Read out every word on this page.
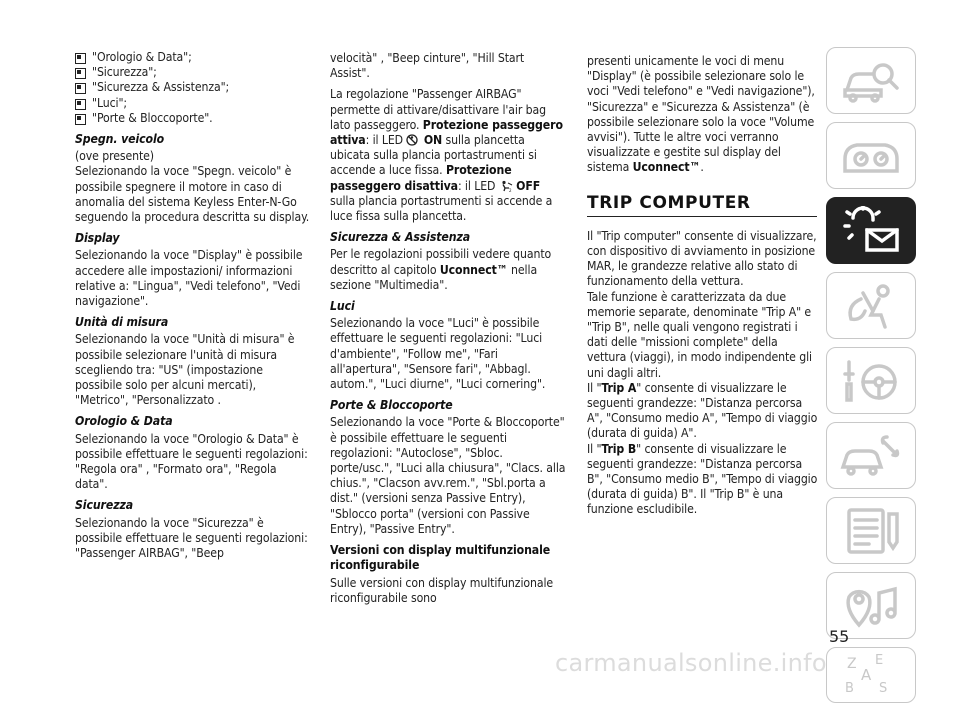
"Orologio & Data";
"Sicurezza";
"Sicurezza & Assistenza";
"Luci";
"Porte & Bloccoporte".
Spegn. veicolo

(ove presente)

Selezionando la voce "Spegn. veicolo" è possibile spegnere il motore in caso di anomalia del sistema Keyless Enter-N-Go seguendo la procedura descritta su display.

Display

Selezionando la voce "Display" è possibile accedere alle impostazioni/ informazioni relative a: "Lingua", "Vedi telefono", "Vedi navigazione".

Unità di misura

Selezionando la voce "Unità di misura" è possibile selezionare l'unità di misura scegliendo tra: "US" (impostazione possibile solo per alcuni mercati), "Metrico", "Personalizzato .

Orologio & Data

Selezionando la voce "Orologio & Data" è possibile effettuare le seguenti regolazioni: "Regola ora" , "Formato ora", "Regola data".

Sicurezza

Selezionando la voce "Sicurezza" è possibile effettuare le seguenti regolazioni: "Passenger AIRBAG", "Beep

velocità" , "Beep cinture", "Hill Start Assist".

La regolazione "Passenger AIRBAG" permette di attivare/disattivare l'air bag lato passeggero. Protezione passeggero attiva: il LED ON sulla plancetta ubicata sulla plancia portastrumenti si accende a luce fissa. Protezione passeggero disattiva: il LED	2 OFF sulla plancia portastrumenti si accende a luce fissa sulla plancetta.

Sicurezza & Assistenza

Per le regolazioni possibili vedere quanto descritto al capitolo Uconnect™ nella sezione "Multimedia".

Luci

Selezionando la voce "Luci" è possibile effettuare le seguenti regolazioni: "Luci d'ambiente", "Follow me", "Fari all'apertura", "Sensore fari", "Abbagl. autom.", "Luci diurne", "Luci cornering".

Porte & Bloccoporte

Selezionando la voce "Porte & Bloccoporte" è possibile effettuare le seguenti regolazioni: "Autoclose", "Sbloc. porte/usc.", "Luci alla chiusura", "Clacs. alla chius.", "Clacson avv.rem.", "Sbl.porta a dist." (versioni senza Passive Entry), "Sblocco porta" (versioni con Passive Entry), "Passive Entry".

Versioni con display multifunzionale riconfigurabile

Sulle versioni con display multifunzionale riconfigurabile sono

presenti unicamente le voci di menu "Display" (è possibile selezionare solo le voci "Vedi telefono" e "Vedi navigazione"), "Sicurezza" e "Sicurezza & Assistenza" (è possibile selezionare solo la voce "Volume avvisi"). Tutte le altre voci verranno visualizzate e gestite sul display del sistema Uconnect™.

TRIP COMPUTER

Il "Trip computer" consente di visualizzare, con dispositivo di avviamento in posizione MAR, le grandezze relative allo stato di funzionamento della vettura.

Tale funzione è caratterizzata da due memorie separate, denominate "Trip A" e "Trip B", nelle quali vengono registrati i dati delle "missioni complete" della vettura (viaggi), in modo indipendente gli uni dagli altri.

Il "Trip A" consente di visualizzare le seguenti grandezze: "Distanza percorsa A", "Consumo medio A", "Tempo di viaggio (durata di guida) A".

Il "Trip B" consente di visualizzare le seguenti grandezze: "Distanza percorsa B", "Consumo medio B", "Tempo di viaggio (durata di guida) B". Il "Trip B" è una funzione escludibile.

Z E
A
B S
55
carmanualsonline.info
